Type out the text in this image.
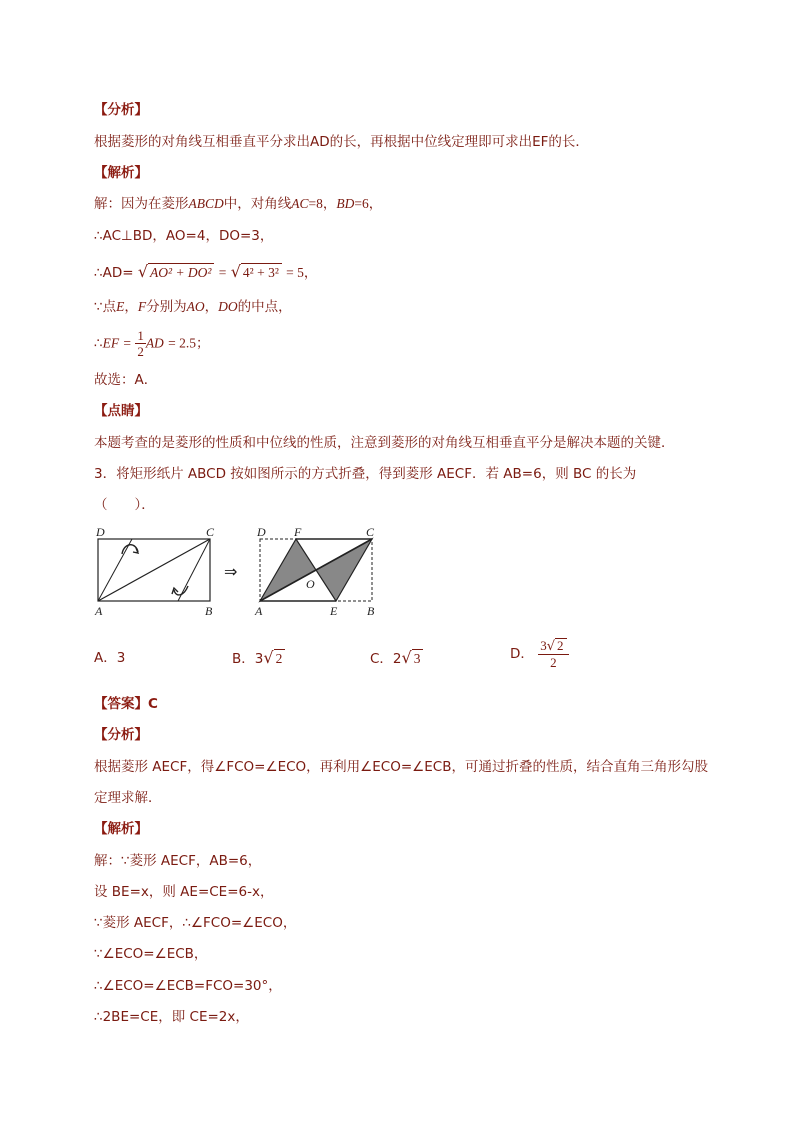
【分析】
根据菱形的对角线互相垂直平分求出AD的长，再根据中位线定理即可求出EF的长．
【解析】
解：因为在菱形ABCD中，对角线AC=8，BD=6，
∴AC⊥BD，AO=4，DO=3，
∴AD= √ AO² + DO² = √ 4² + 3² = 5，
∵点E，F分别为AO，DO的中点，
∴EF = $\frac{1}{2}$ AD = 2.5；
故选：A．
【点睛】
本题考查的是菱形的性质和中位线的性质，注意到菱形的对角线互相垂直平分是解决本题的关键．
3．将矩形纸片 ABCD 按如图所示的方式折叠，得到菱形 AECF．若 AB=6，则 BC 的长为
（　　）．
D	C
A	B
⇒
D F	C
O
A	E B
A．3	B．3√ 2	C．2√ 3	D． $\frac{3√ 2}{2}$
【答案】C
【分析】
根据菱形 AECF，得∠FCO=∠ECO，再利用∠ECO=∠ECB，可通过折叠的性质，结合直角三角形勾股
定理求解．
【解析】
解：∵菱形 AECF，AB=6，
设 BE=x，则 AE=CE=6-x，
∵菱形 AECF，∴∠FCO=∠ECO，
∵∠ECO=∠ECB，
∴∠ECO=∠ECB=FCO=30°，
∴2BE=CE，即 CE=2x，
